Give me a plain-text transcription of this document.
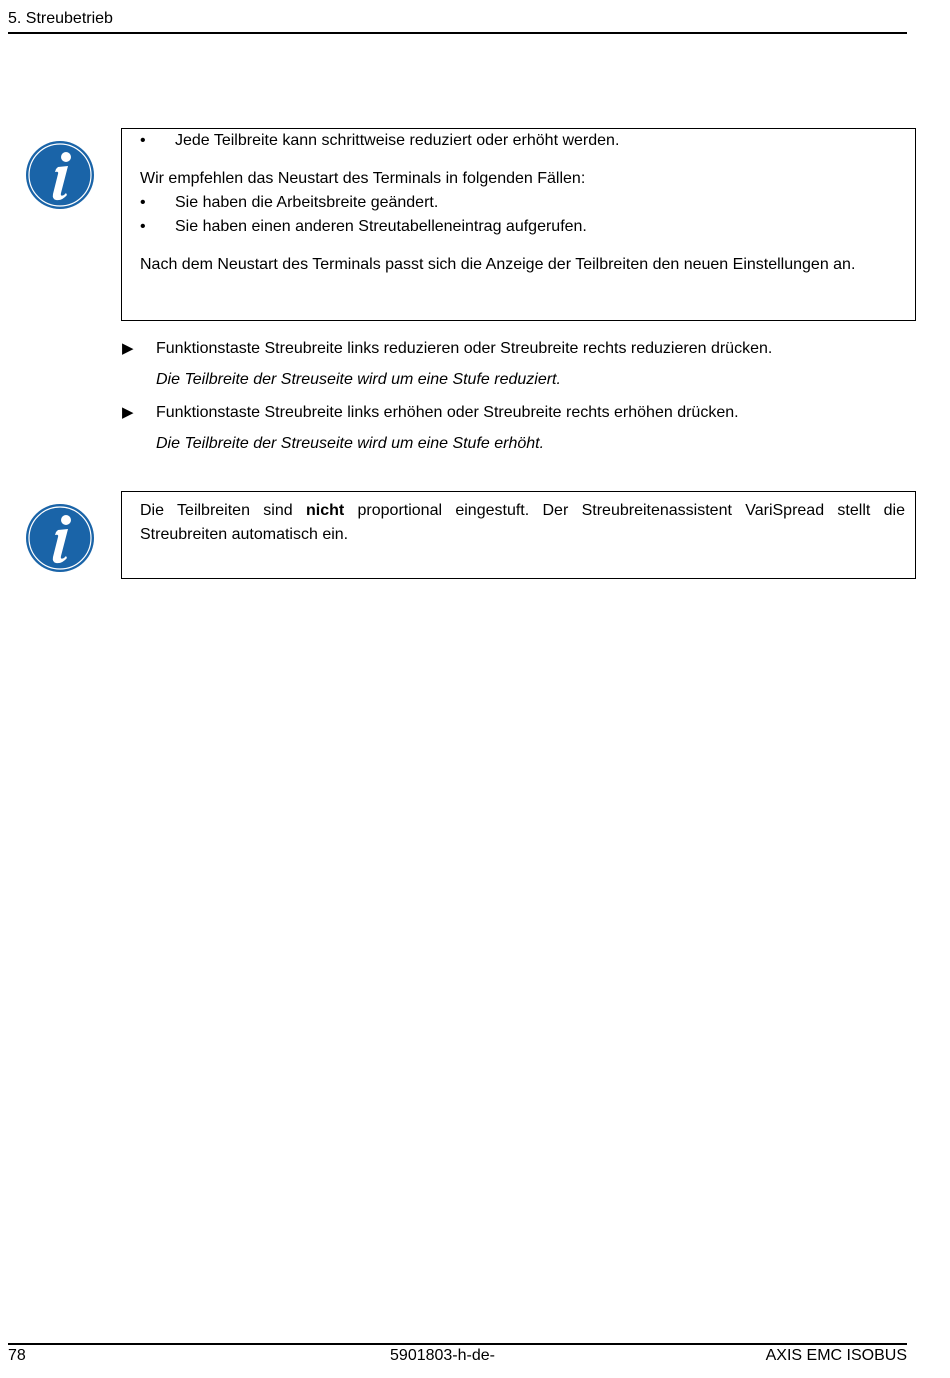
5. Streubetrieb

• Jede Teilbreite kann schrittweise reduziert oder erhöht werden.

Wir empfehlen das Neustart des Terminals in folgenden Fällen:

• Sie haben die Arbeitsbreite geändert.

• Sie haben einen anderen Streutabelleneintrag aufgerufen.

Nach dem Neustart des Terminals passt sich die Anzeige der Teilbreiten den neuen Einstellungen an.

▶	Funktionstaste Streubreite links reduzieren oder Streubreite rechts reduzieren drücken.
Die Teilbreite der Streuseite wird um eine Stufe reduziert.
▶	Funktionstaste Streubreite links erhöhen oder Streubreite rechts erhöhen drücken.
Die Teilbreite der Streuseite wird um eine Stufe erhöht.

Die Teilbreiten sind nicht proportional eingestuft. Der Streubreitenassistent VariSpread stellt die Streubreiten automatisch ein.

78	5901803-h-de-	AXIS EMC ISOBUS
